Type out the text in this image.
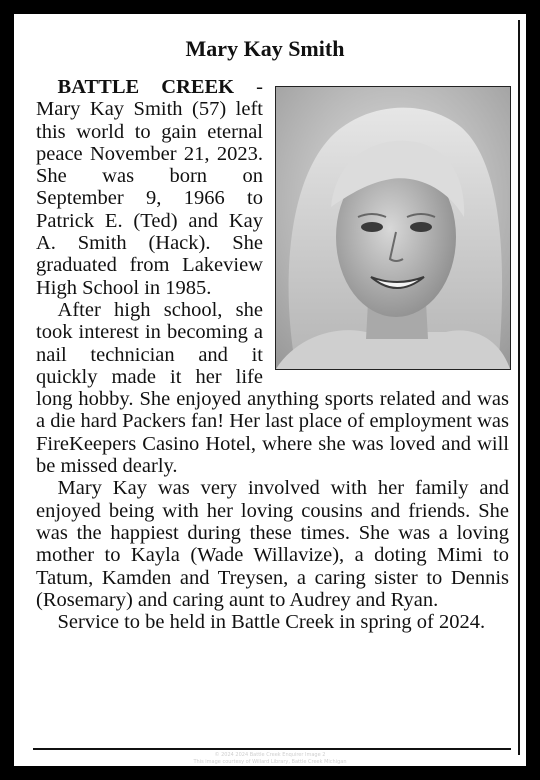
Mary Kay Smith

BATTLE CREEK - Mary Kay Smith (57) left this world to gain eternal peace November 21, 2023. She was born on September 9, 1966 to Patrick E. (Ted) and Kay A. Smith (Hack). She graduated from Lakeview High School in 1985.

After high school, she took interest in becoming a nail technician and it quickly made it her life long hobby. She enjoyed anything sports related and was a die hard Packers fan! Her last place of employment was FireKeepers Casino Hotel, where she was loved and will be missed dearly.

Mary Kay was very involved with her family and enjoyed being with her loving cousins and friends. She was the happiest during these times. She was a loving mother to Kayla (Wade Willavize), a doting Mimi to Tatum, Kamden and Treysen, a caring sister to Dennis (Rosemary) and caring aunt to Audrey and Ryan.

Service to be held in Battle Creek in spring of 2024.

© 2024 2024 Battle Creek Enquirer Image 2
This image courtesy of Willard Library, Battle Creek Michigan
